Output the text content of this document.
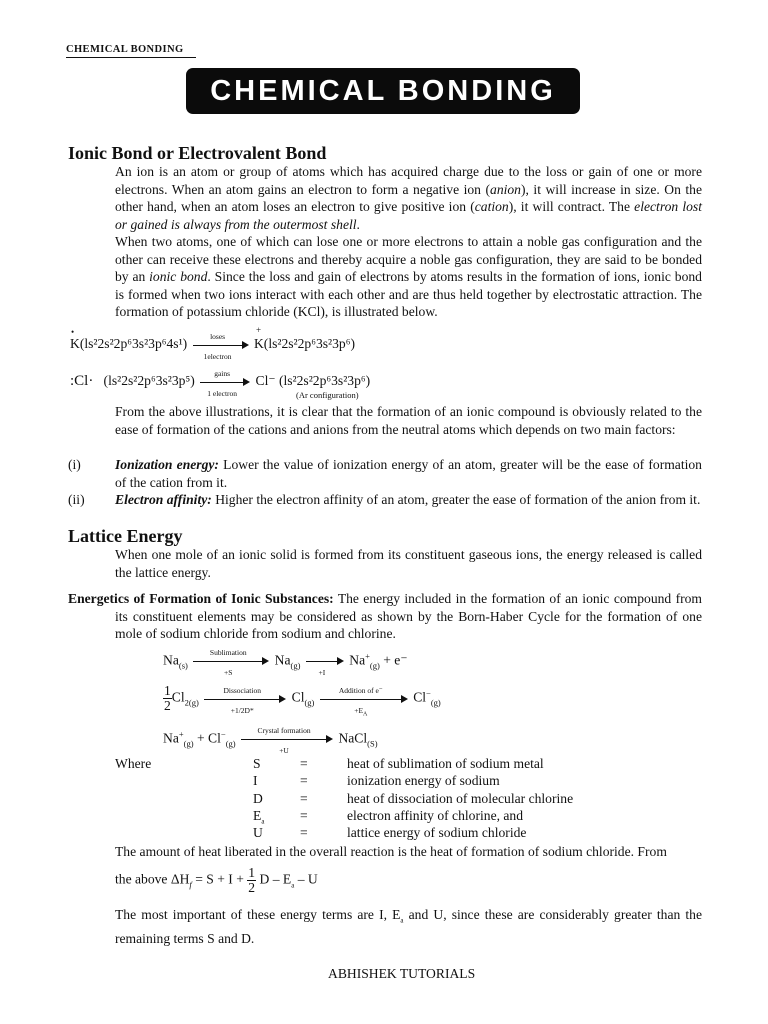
CHEMICAL BONDING
CHEMICAL BONDING
Ionic Bond or Electrovalent Bond

An ion is an atom or group of atoms which has acquired charge due to the loss or gain of one or more electrons. When an atom gains an electron to form a negative ion (anion), it will increase in size. On the other hand, when an atom loses an electron to give positive ion (cation), it will contract. The electron lost or gained is always from the outermost shell.

When two atoms, one of which can lose one or more electrons to attain a noble gas configuration and the other can receive these electrons and thereby acquire a noble gas configuration, they are said to be bonded by an ionic bond. Since the loss and gain of electrons by atoms results in the formation of ions, ionic bond is formed when two ions interact with each other and are thus held together by electrostatic attraction. The formation of potassium chloride (KCl), is illustrated below.

• K(ls²2s²2p⁶3s²3p⁶4s¹)	loses
1electron
+ K(ls²2s²2p⁶3s²3p⁶)
:Cl· (ls²2s²2p⁶3s²3p⁵)	gains
1 electron
Cl⁻ (ls²2s²2p⁶3s²3p⁶)
(Ar configuration)

From the above illustrations, it is clear that the formation of an ionic compound is obviously related to the ease of formation of the cations and anions from the neutral atoms which depends on two main factors:

(i)	Ionization energy: Lower the value of ionization energy of an atom, greater will be the ease of formation of the cation from it.
(ii)	Electron affinity: Higher the electron affinity of an atom, greater the ease of formation of the anion from it.
Lattice Energy

When one mole of an ionic solid is formed from its constituent gaseous ions, the energy released is called the lattice energy.

Energetics of Formation of Ionic Substances: The energy included in the formation of an ionic compound from its constituent elements may be considered as shown by the Born-Haber Cycle for the formation of one mole of sodium chloride from sodium and chlorine.

$Na_{(s)}$
Sublimation
+S
$Na_{(g)}$
+I
$Na^+_{(g)} + e^-$
$\frac{1}{2} Cl_{2(g)}$
Dissociation
+1/2D*
$Cl_{(g)}$
Addition of e⁻
$+E_A$
$Cl^-_{(g)}$
$Na^+_{(g)} + Cl^-_{(g)}$
Crystal formation
+U
NaCl$_{(S)}$
Where	S	=	heat of sublimation of sodium metal
I	=	ionization energy of sodium
D	=	heat of dissociation of molecular chlorine
$E_a$	=	electron affinity of chlorine, and
U	=	lattice energy of sodium chloride

The amount of heat liberated in the overall reaction is the heat of formation of sodium chloride. From

the above $\Delta H_f = S + I + \frac{1}{2}$ D – $E_a$ – U

The most important of these energy terms are I, $E_a$ and U, since these are considerably greater than the remaining terms S and D.

ABHISHEK TUTORIALS
